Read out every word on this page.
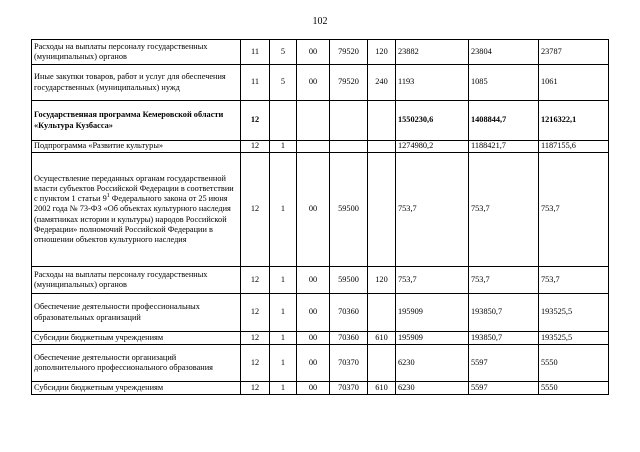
102
Расходы на выплаты персоналу государственных (муниципальных) органов	11	5	00	79520	120	23882	23804	23787
Иные закупки товаров, работ и услуг для обеспечения государственных (муниципальных) нужд	11	5	00	79520	240	1193	1085	1061
Государственная программа Кемеровской области «Культура Кузбасса»	12					1550230,6	1408844,7	1216322,1
Подпрограмма «Развитие культуры»	12	1				1274980,2	1188421,7	1187155,6
Осуществление переданных органам государственной власти субъектов Российской Федерации в соответствии с пунктом 1 статьи $9^1$ Федерального закона от 25 июня 2002 года № 73-ФЗ «Об объектах культурного наследия (памятниках истории и культуры) народов Российской Федерации» полномочий Российской Федерации в отношении объектов культурного наследия	12	1	00	59500		753,7	753,7	753,7
Расходы на выплаты персоналу государственных (муниципальных) органов	12	1	00	59500	120	753,7	753,7	753,7
Обеспечение деятельности профессиональных образовательных организаций	12	1	00	70360		195909	193850,7	193525,5
Субсидии бюджетным учреждениям	12	1	00	70360	610	195909	193850,7	193525,5
Обеспечение деятельности организаций дополнительного профессионального образования	12	1	00	70370		6230	5597	5550
Субсидии бюджетным учреждениям	12	1	00	70370	610	6230	5597	5550
